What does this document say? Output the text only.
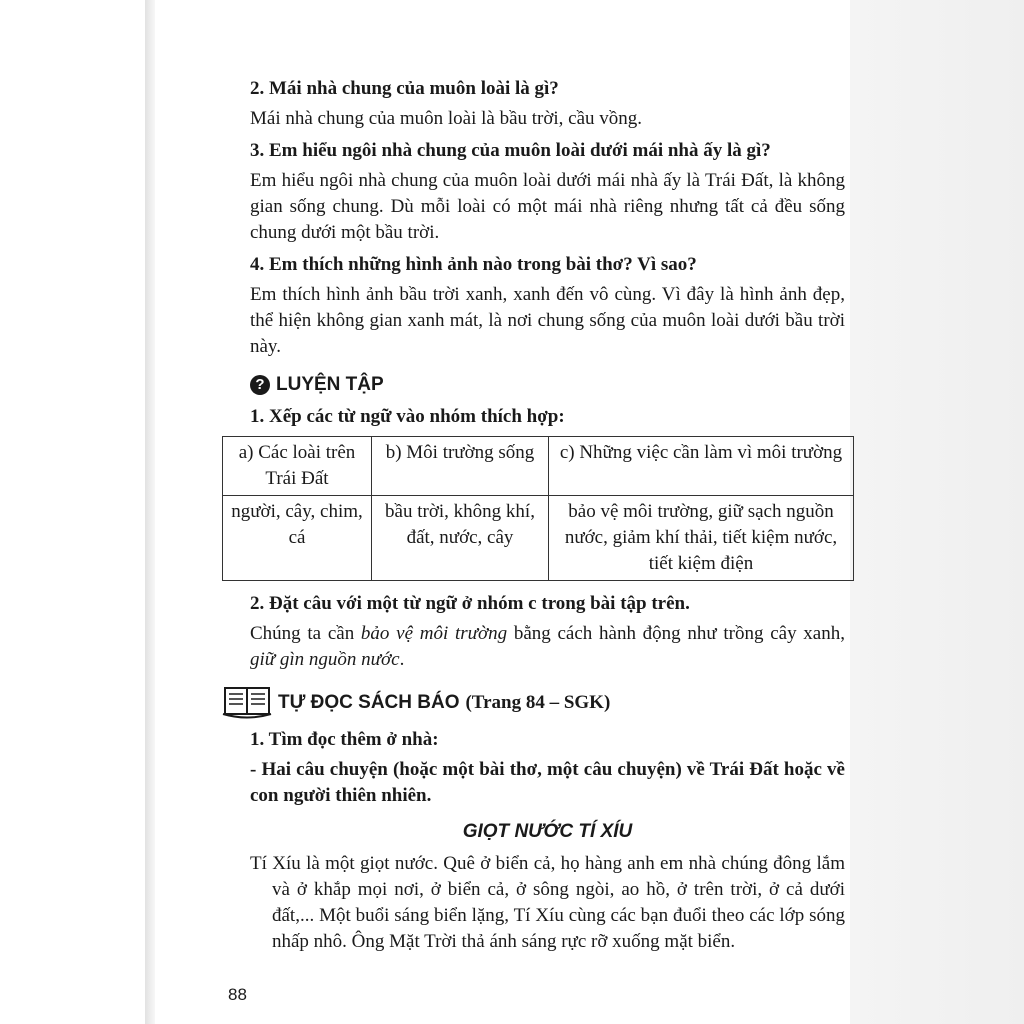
2. Mái nhà chung của muôn loài là gì?
Mái nhà chung của muôn loài là bầu trời, cầu vồng.
3. Em hiểu ngôi nhà chung của muôn loài dưới mái nhà ấy là gì?
Em hiểu ngôi nhà chung của muôn loài dưới mái nhà ấy là Trái Đất, là không gian sống chung. Dù mỗi loài có một mái nhà riêng nhưng tất cả đều sống chung dưới một bầu trời.
4. Em thích những hình ảnh nào trong bài thơ? Vì sao?
Em thích hình ảnh bầu trời xanh, xanh đến vô cùng. Vì đây là hình ảnh đẹp, thể hiện không gian xanh mát, là nơi chung sống của muôn loài dưới bầu trời này.
? LUYỆN TẬP
1. Xếp các từ ngữ vào nhóm thích hợp:
a) Các loài trên Trái Đất	b) Môi trường sống	c) Những việc cần làm vì môi trường
người, cây, chim, cá	bầu trời, không khí, đất, nước, cây	bảo vệ môi trường, giữ sạch nguồn nước, giảm khí thải, tiết kiệm nước, tiết kiệm điện
2. Đặt câu với một từ ngữ ở nhóm c trong bài tập trên.
Chúng ta cần bảo vệ môi trường bằng cách hành động như trồng cây xanh, giữ gìn nguồn nước.
TỰ ĐỌC SÁCH BÁO (Trang 84 – SGK)
1. Tìm đọc thêm ở nhà:
- Hai câu chuyện (hoặc một bài thơ, một câu chuyện) về Trái Đất hoặc về con người thiên nhiên.
GIỌT NƯỚC TÍ XÍU
Tí Xíu là một giọt nước. Quê ở biển cả, họ hàng anh em nhà chúng đông lắm và ở khắp mọi nơi, ở biển cả, ở sông ngòi, ao hồ, ở trên trời, ở cả dưới đất,... Một buổi sáng biển lặng, Tí Xíu cùng các bạn đuổi theo các lớp sóng nhấp nhô. Ông Mặt Trời thả ánh sáng rực rỡ xuống mặt biển.
88
